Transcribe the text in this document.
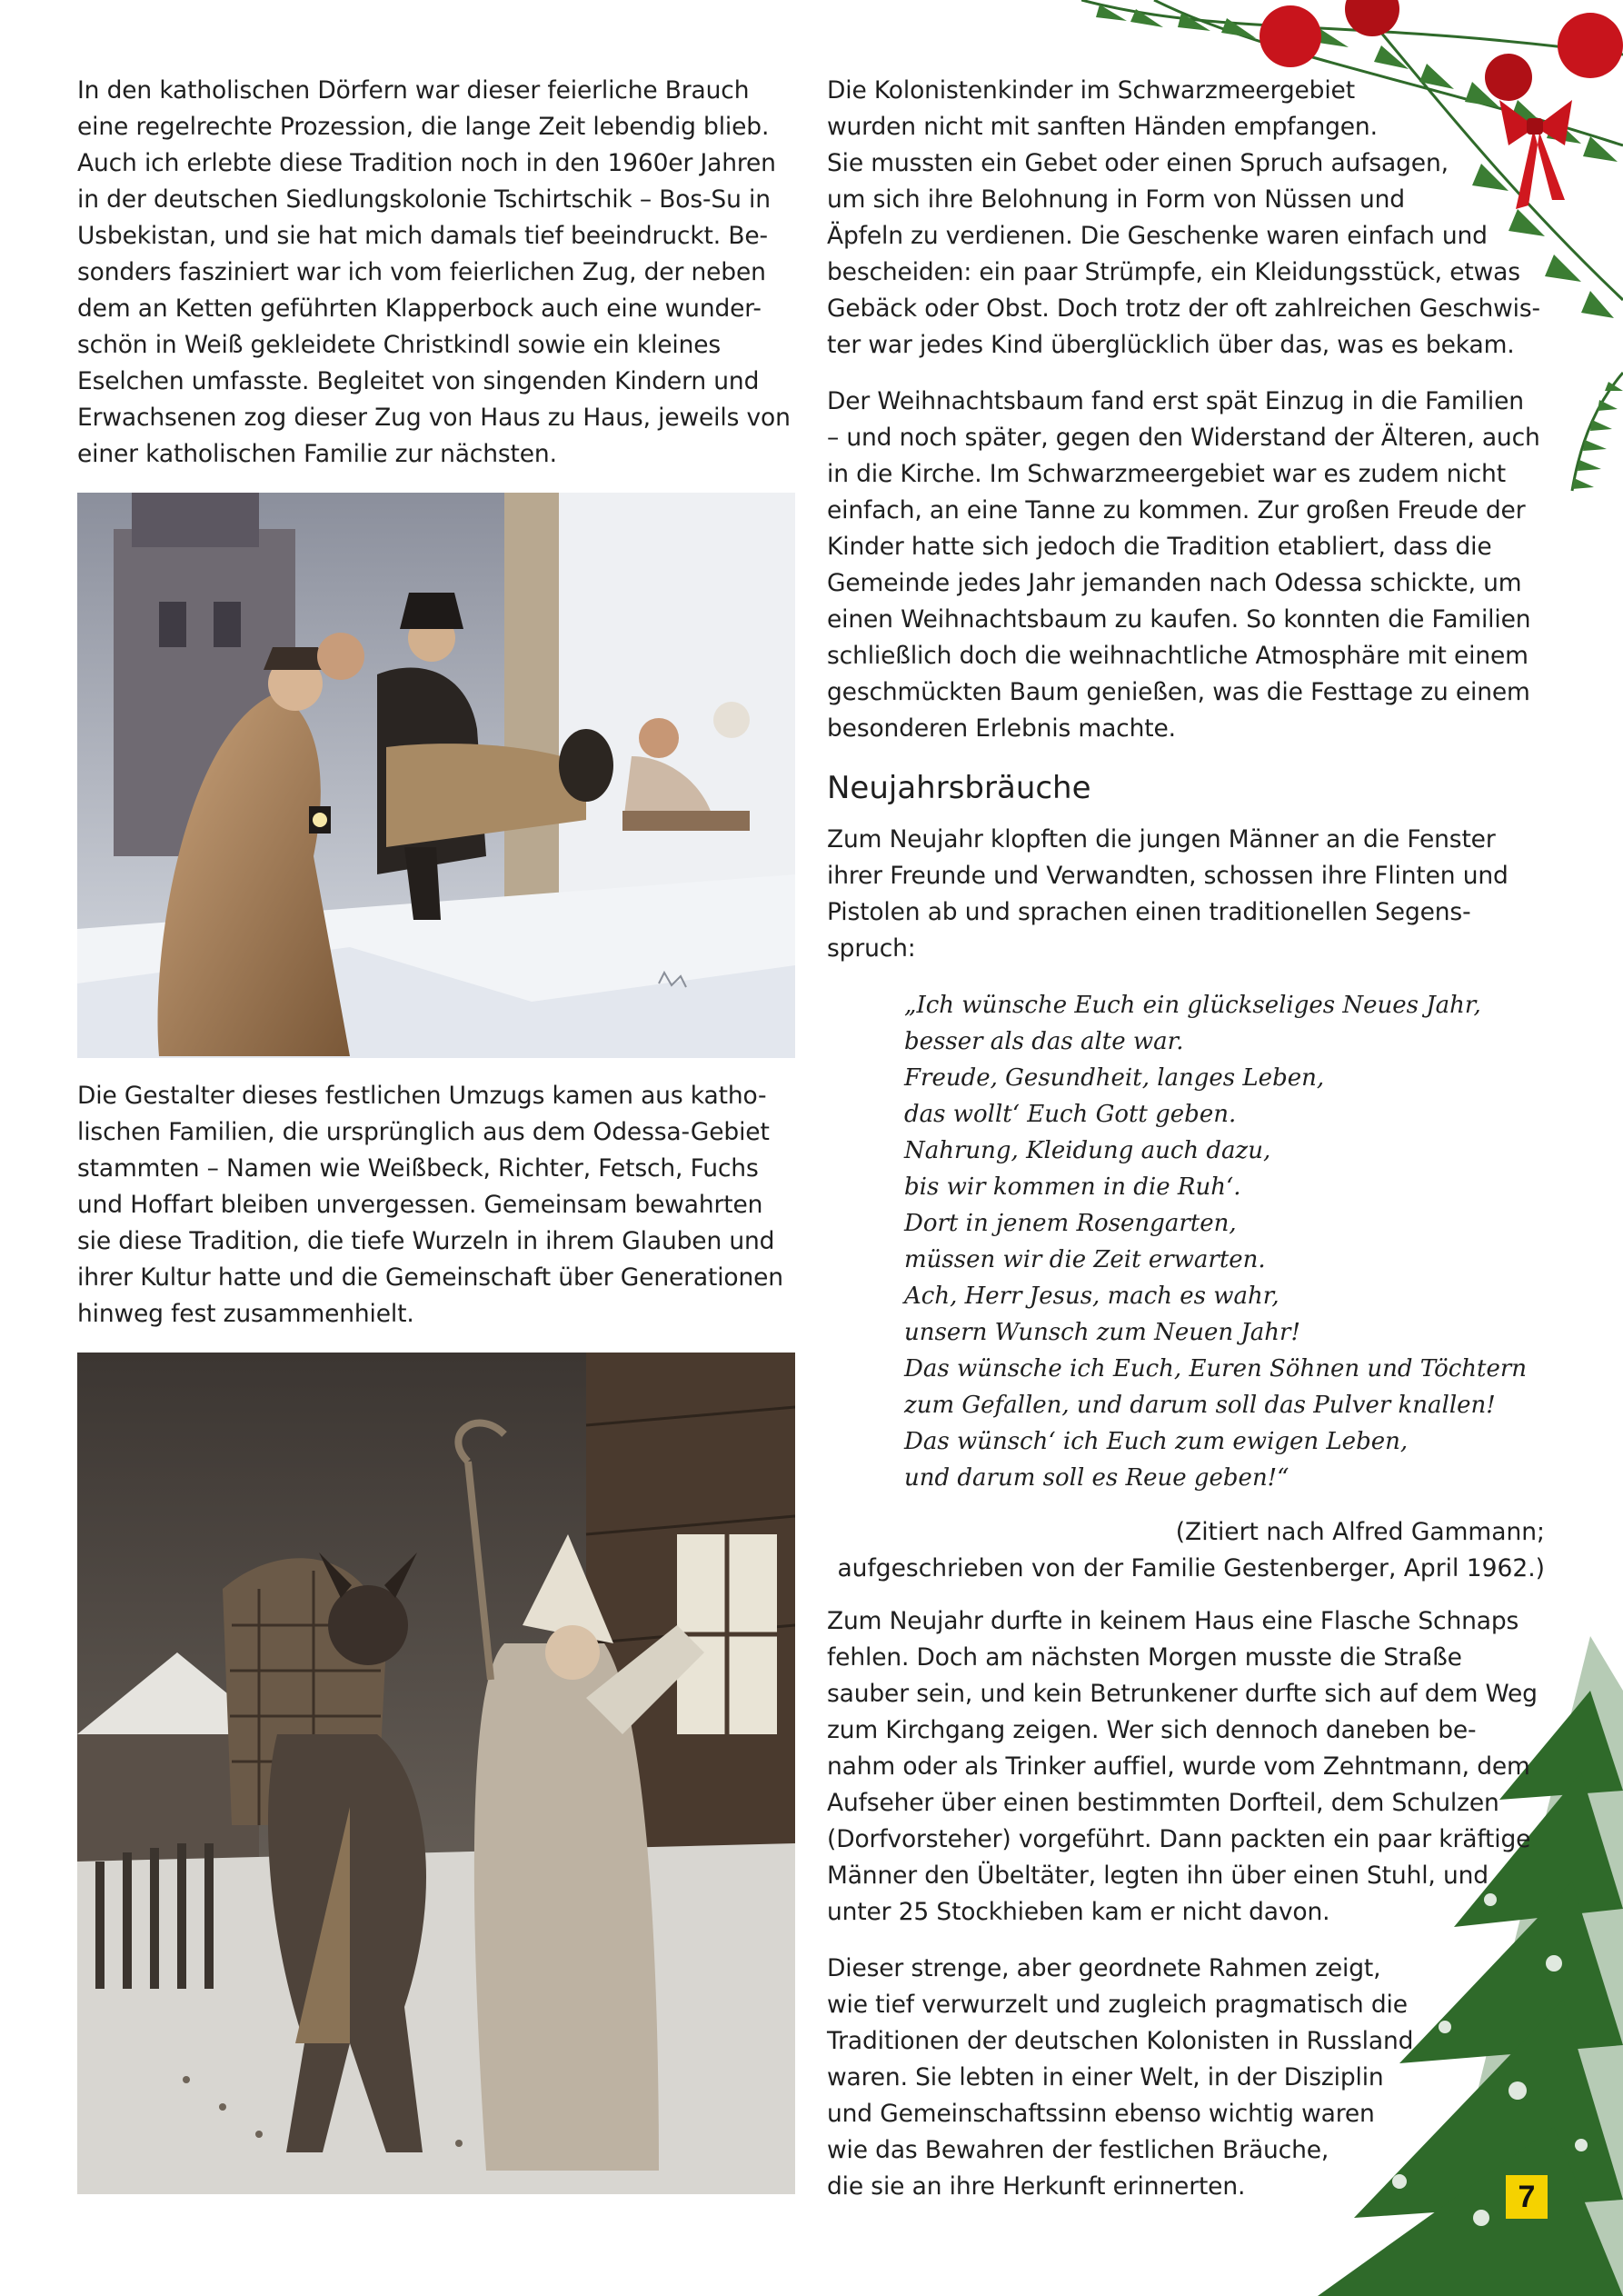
In den katholischen Dörfern war dieser feierliche Brauch
eine regelrechte Prozession, die lange Zeit lebendig blieb.
Auch ich erlebte diese Tradition noch in den 1960er Jahren
in der deutschen Siedlungskolonie Tschirtschik – Bos-Su in
Usbekistan, und sie hat mich damals tief beeindruckt. Be-
sonders fasziniert war ich vom feierlichen Zug, der neben
dem an Ketten geführten Klapperbock auch eine wunder-
schön in Weiß gekleidete Christkindl sowie ein kleines
Eselchen umfasste. Begleitet von singenden Kindern und
Erwachsenen zog dieser Zug von Haus zu Haus, jeweils von
einer katholischen Familie zur nächsten.

Die Gestalter dieses festlichen Umzugs kamen aus katho-
lischen Familien, die ursprünglich aus dem Odessa-Gebiet
stammten – Namen wie Weißbeck, Richter, Fetsch, Fuchs
und Hoffart bleiben unvergessen. Gemeinsam bewahrten
sie diese Tradition, die tiefe Wurzeln in ihrem Glauben und
ihrer Kultur hatte und die Gemeinschaft über Generationen
hinweg fest zusammenhielt.

Die Kolonistenkinder im Schwarzmeergebiet
wurden nicht mit sanften Händen empfangen.
Sie mussten ein Gebet oder einen Spruch aufsagen,
um sich ihre Belohnung in Form von Nüssen und
Äpfeln zu verdienen. Die Geschenke waren einfach und
bescheiden: ein paar Strümpfe, ein Kleidungsstück, etwas
Gebäck oder Obst. Doch trotz der oft zahlreichen Geschwis-
ter war jedes Kind überglücklich über das, was es bekam.

Der Weihnachtsbaum fand erst spät Einzug in die Familien
– und noch später, gegen den Widerstand der Älteren, auch
in die Kirche. Im Schwarzmeergebiet war es zudem nicht
einfach, an eine Tanne zu kommen. Zur großen Freude der
Kinder hatte sich jedoch die Tradition etabliert, dass die
Gemeinde jedes Jahr jemanden nach Odessa schickte, um
einen Weihnachtsbaum zu kaufen. So konnten die Familien
schließlich doch die weihnachtliche Atmosphäre mit einem
geschmückten Baum genießen, was die Festtage zu einem
besonderen Erlebnis machte.

Neujahrsbräuche

Zum Neujahr klopften die jungen Männer an die Fenster
ihrer Freunde und Verwandten, schossen ihre Flinten und
Pistolen ab und sprachen einen traditionellen Segens-
spruch:

„Ich wünsche Euch ein glückseliges Neues Jahr,
besser als das alte war.
Freude, Gesundheit, langes Leben,
das wollt‘ Euch Gott geben.
Nahrung, Kleidung auch dazu,
bis wir kommen in die Ruh‘.
Dort in jenem Rosengarten,
müssen wir die Zeit erwarten.
Ach, Herr Jesus, mach es wahr,
unsern Wunsch zum Neuen Jahr!
Das wünsche ich Euch, Euren Söhnen und Töchtern
zum Gefallen, und darum soll das Pulver knallen!
Das wünsch‘ ich Euch zum ewigen Leben,
und darum soll es Reue geben!“
(Zitiert nach Alfred Gammann;
aufgeschrieben von der Familie Gestenberger, April 1962.)

Zum Neujahr durfte in keinem Haus eine Flasche Schnaps
fehlen. Doch am nächsten Morgen musste die Straße
sauber sein, und kein Betrunkener durfte sich auf dem Weg
zum Kirchgang zeigen. Wer sich dennoch daneben be-
nahm oder als Trinker auffiel, wurde vom Zehntmann, dem
Aufseher über einen bestimmten Dorfteil, dem Schulzen
(Dorfvorsteher) vorgeführt. Dann packten ein paar kräftige
Männer den Übeltäter, legten ihn über einen Stuhl, und
unter 25 Stockhieben kam er nicht davon.

Dieser strenge, aber geordnete Rahmen zeigt,
wie tief verwurzelt und zugleich pragmatisch die
Traditionen der deutschen Kolonisten in Russland
waren. Sie lebten in einer Welt, in der Disziplin
und Gemeinschaftssinn ebenso wichtig waren
wie das Bewahren der festlichen Bräuche,
die sie an ihre Herkunft erinnerten.	7
